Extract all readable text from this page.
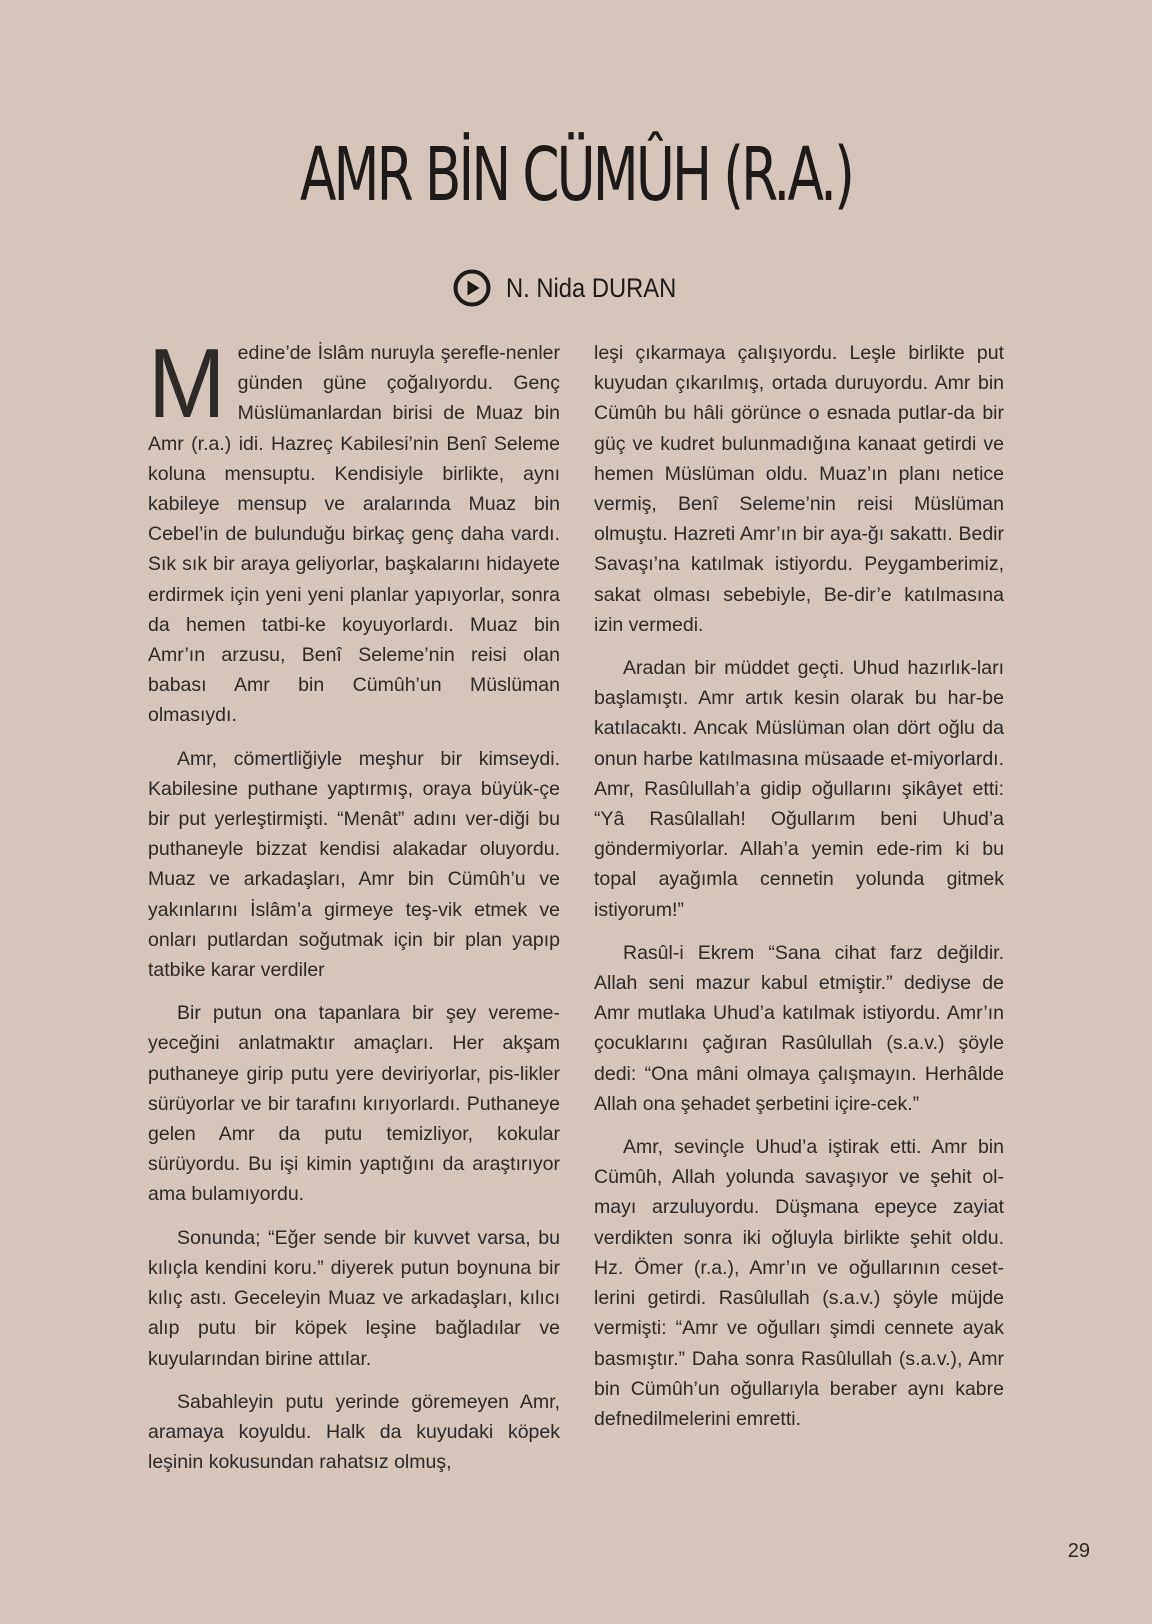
AMR BİN CÜMÛH (R.A.)
N. Nida DURAN

Medine’de İslâm nuruyla şerefle-nenler günden güne çoğalıyordu. Genç Müslümanlardan birisi de Muaz bin Amr (r.a.) idi. Hazreç Kabilesi’nin Benî Seleme koluna mensuptu. Kendisiyle birlikte, aynı kabileye mensup ve aralarında Muaz bin Cebel’in de bulunduğu birkaç genç daha vardı. Sık sık bir araya geliyorlar, başkalarını hidayete erdirmek için yeni yeni planlar yapıyorlar, sonra da hemen tatbi-ke koyuyorlardı. Muaz bin Amr’ın arzusu, Benî Seleme’nin reisi olan babası Amr bin Cümûh’un Müslüman olmasıydı.

Amr, cömertliğiyle meşhur bir kimseydi. Kabilesine puthane yaptırmış, oraya büyük-çe bir put yerleştirmişti. “Menât” adını ver-diği bu puthaneyle bizzat kendisi alakadar oluyordu. Muaz ve arkadaşları, Amr bin Cümûh’u ve yakınlarını İslâm’a girmeye teş-vik etmek ve onları putlardan soğutmak için bir plan yapıp tatbike karar verdiler

Bir putun ona tapanlara bir şey vereme-yeceğini anlatmaktır amaçları. Her akşam puthaneye girip putu yere deviriyorlar, pis-likler sürüyorlar ve bir tarafını kırıyorlardı. Puthaneye gelen Amr da putu temizliyor, kokular sürüyordu. Bu işi kimin yaptığını da araştırıyor ama bulamıyordu.

Sonunda; “Eğer sende bir kuvvet varsa, bu kılıçla kendini koru.” diyerek putun boynuna bir kılıç astı. Geceleyin Muaz ve arkadaşları, kılıcı alıp putu bir köpek leşine bağladılar ve kuyularından birine attılar.

Sabahleyin putu yerinde göremeyen Amr, aramaya koyuldu. Halk da kuyudaki köpek leşinin kokusundan rahatsız olmuş,

leşi çıkarmaya çalışıyordu. Leşle birlikte put kuyudan çıkarılmış, ortada duruyordu. Amr bin Cümûh bu hâli görünce o esnada putlar-da bir güç ve kudret bulunmadığına kanaat getirdi ve hemen Müslüman oldu. Muaz’ın planı netice vermiş, Benî Seleme’nin reisi Müslüman olmuştu. Hazreti Amr’ın bir aya-ğı sakattı. Bedir Savaşı’na katılmak istiyordu. Peygamberimiz, sakat olması sebebiyle, Be-dir’e katılmasına izin vermedi.

Aradan bir müddet geçti. Uhud hazırlık-ları başlamıştı. Amr artık kesin olarak bu har-be katılacaktı. Ancak Müslüman olan dört oğlu da onun harbe katılmasına müsaade et-miyorlardı. Amr, Rasûlullah’a gidip oğullarını şikâyet etti: “Yâ Rasûlallah! Oğullarım beni Uhud’a göndermiyorlar. Allah’a yemin ede-rim ki bu topal ayağımla cennetin yolunda gitmek istiyorum!”

Rasûl-i Ekrem “Sana cihat farz değildir. Allah seni mazur kabul etmiştir.” dediyse de Amr mutlaka Uhud’a katılmak istiyordu. Amr’ın çocuklarını çağıran Rasûlullah (s.a.v.) şöyle dedi: “Ona mâni olmaya çalışmayın. Herhâlde Allah ona şehadet şerbetini içire-cek.”

Amr, sevinçle Uhud’a iştirak etti. Amr bin Cümûh, Allah yolunda savaşıyor ve şehit ol-mayı arzuluyordu. Düşmana epeyce zayiat verdikten sonra iki oğluyla birlikte şehit oldu. Hz. Ömer (r.a.), Amr’ın ve oğullarının ceset-lerini getirdi. Rasûlullah (s.a.v.) şöyle müjde vermişti: “Amr ve oğulları şimdi cennete ayak basmıştır.” Daha sonra Rasûlullah (s.a.v.), Amr bin Cümûh’un oğullarıyla beraber aynı kabre defnedilmelerini emretti.

29
